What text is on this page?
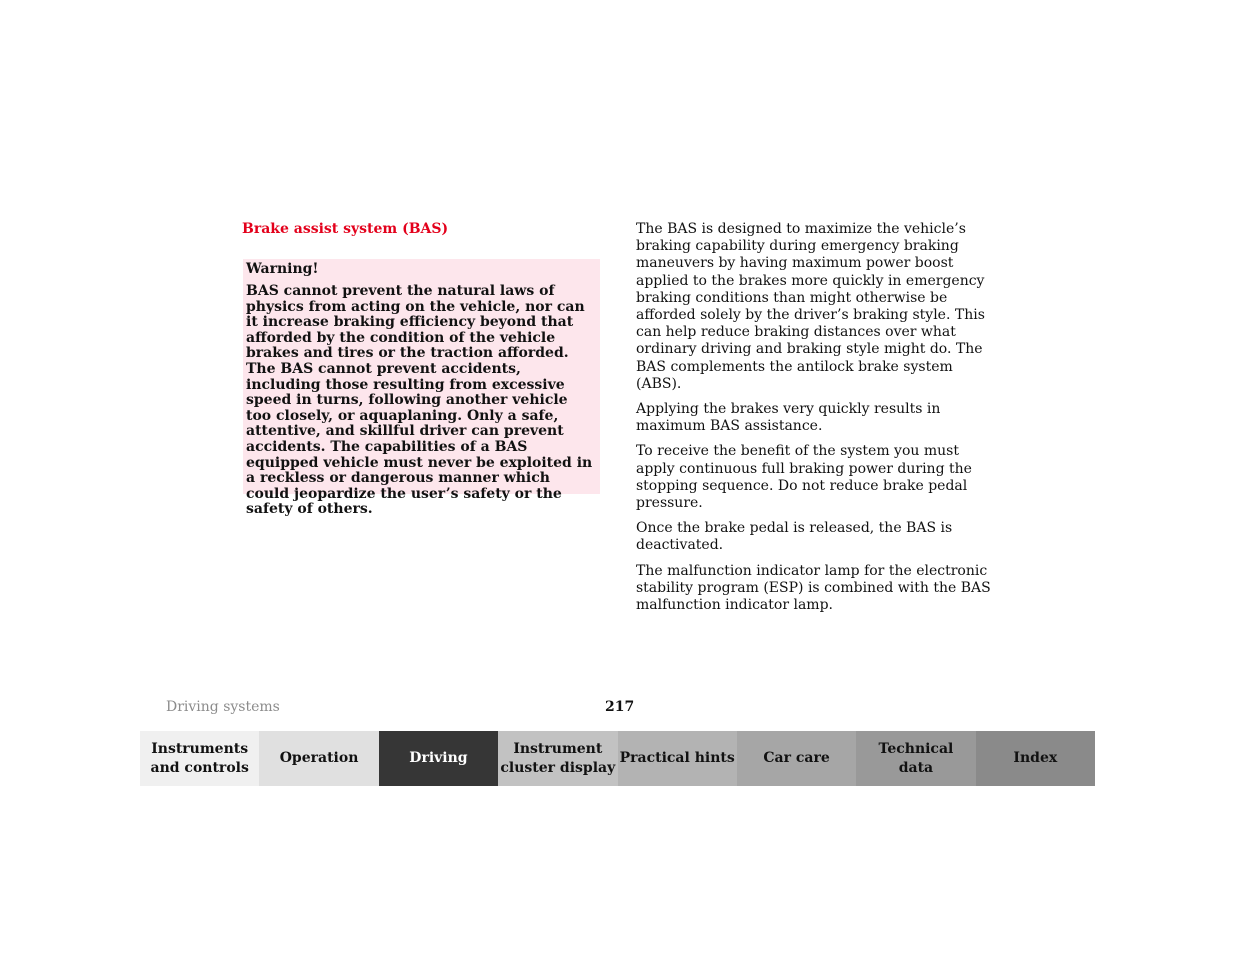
Brake assist system (BAS)
Warning!

BAS cannot prevent the natural laws of physics from acting on the vehicle, nor can it increase braking efficiency beyond that afforded by the condition of the vehicle brakes and tires or the traction afforded. The BAS cannot prevent accidents, including those resulting from excessive speed in turns, following another vehicle too closely, or aquaplaning. Only a safe, attentive, and skillful driver can prevent accidents. The capabilities of a BAS equipped vehicle must never be exploited in a reckless or dangerous manner which could jeopardize the user’s safety or the safety of others.

The BAS is designed to maximize the vehicle’s braking capability during emergency braking maneuvers by having maximum power boost applied to the brakes more quickly in emergency braking conditions than might otherwise be afforded solely by the driver’s braking style. This can help reduce braking distances over what ordinary driving and braking style might do. The BAS complements the antilock brake system (ABS).

Applying the brakes very quickly results in maximum BAS assistance.

To receive the benefit of the system you must apply continuous full braking power during the stopping sequence. Do not reduce brake pedal pressure.

Once the brake pedal is released, the BAS is deactivated.

The malfunction indicator lamp for the electronic stability program (ESP) is combined with the BAS malfunction indicator lamp.

Driving systems	217
Instruments
and controls
Operation	Driving
Instrument
cluster display
Practical hints	Car care
Technical
data
Index
